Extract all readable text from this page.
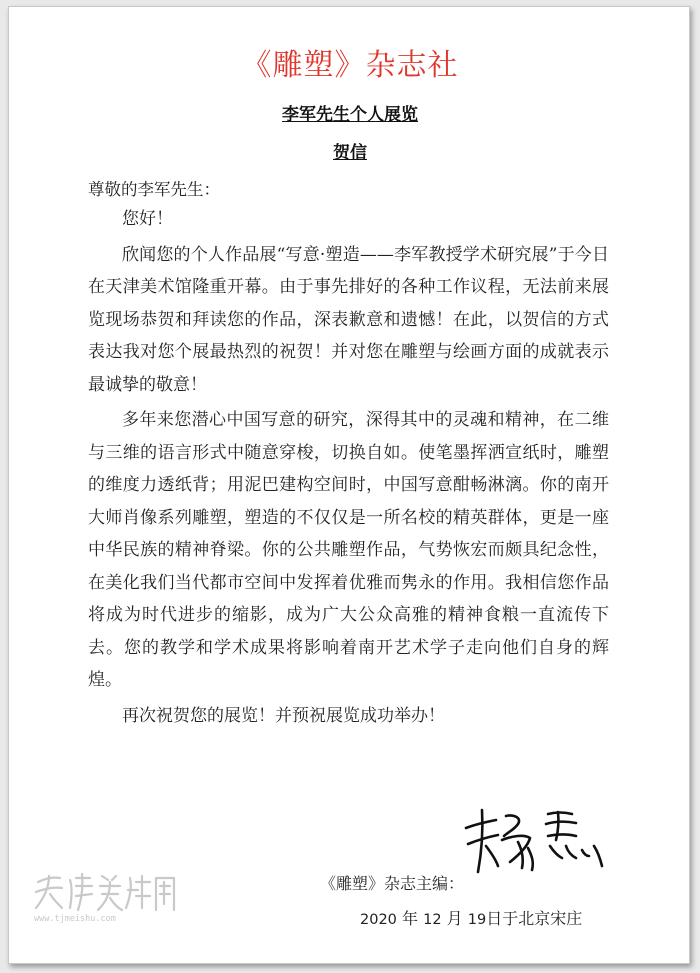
《雕塑》杂志社
李军先生个人展览
贺信
尊敬的李军先生：

您好！

欣闻您的个人作品展“写意·塑造——李军教授学术研究展”于今日在天津美术馆隆重开幕。由于事先排好的各种工作议程，无法前来展览现场恭贺和拜读您的作品，深表歉意和遗憾！在此，以贺信的方式表达我对您个展最热烈的祝贺！并对您在雕塑与绘画方面的成就表示最诚挚的敬意！

多年来您潜心中国写意的研究，深得其中的灵魂和精神，在二维与三维的语言形式中随意穿梭，切换自如。使笔墨挥洒宣纸时，雕塑的维度力透纸背；用泥巴建构空间时，中国写意酣畅淋漓。你的南开大师肖像系列雕塑，塑造的不仅仅是一所名校的精英群体，更是一座中华民族的精神脊梁。你的公共雕塑作品，气势恢宏而颇具纪念性，在美化我们当代都市空间中发挥着优雅而隽永的作用。我相信您作品将成为时代进步的缩影，成为广大公众高雅的精神食粮一直流传下去。您的教学和学术成果将影响着南开艺术学子走向他们自身的辉煌。

再次祝贺您的展览！并预祝展览成功举办！

《雕塑》杂志主编：
2020 年 12 月 19日于北京宋庄
www.tjmeishu.com
